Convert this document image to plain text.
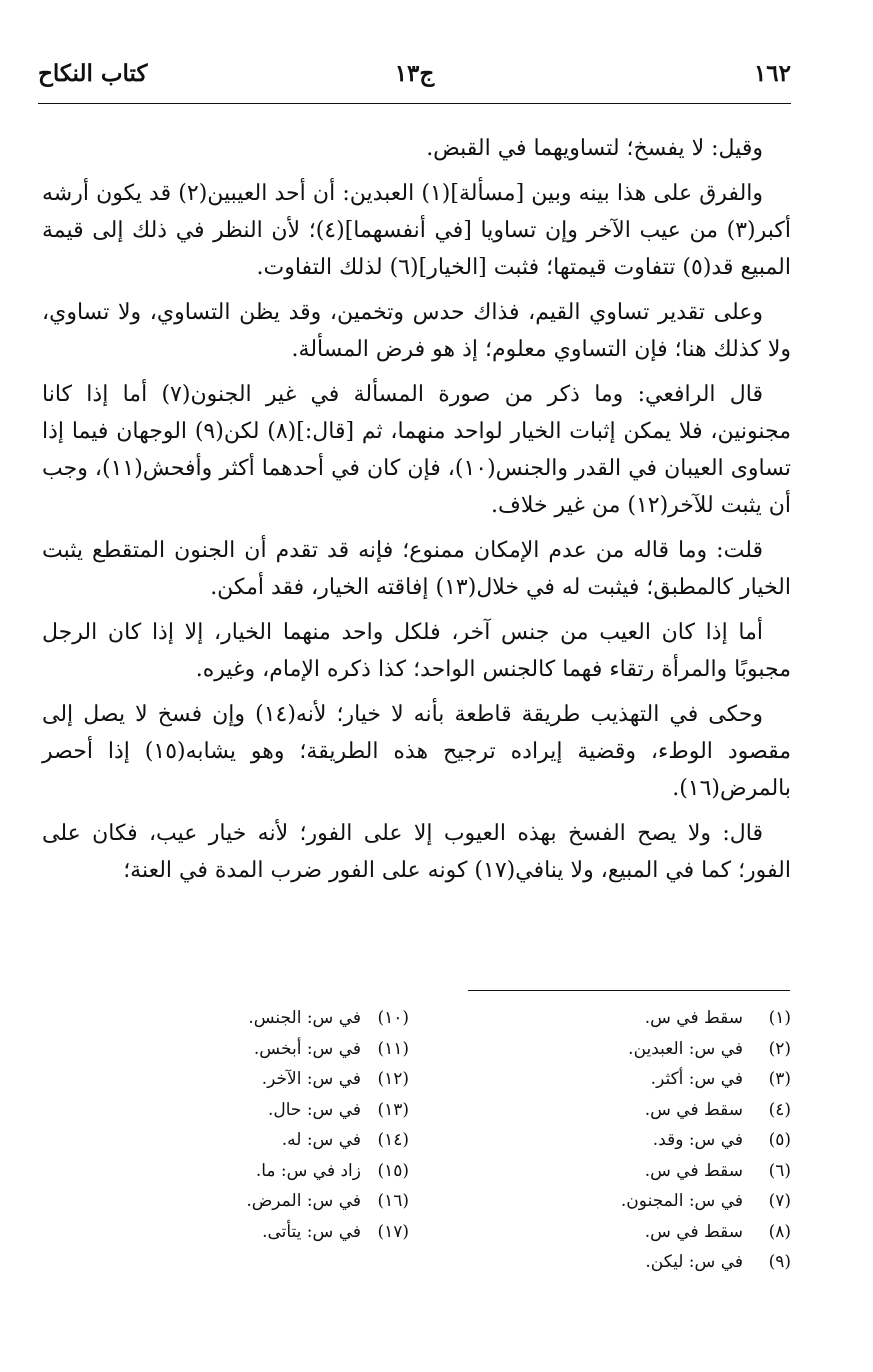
١٦٢
ج١٣
كتاب النكاح

وقيل: لا يفسخ؛ لتساويهما في القبض.

والفرق على هذا بينه وبين [مسألة](١) العبدين: أن أحد العيبين(٢) قد يكون أرشه أكبر(٣) من عيب الآخر وإن تساويا [في أنفسهما](٤)؛ لأن النظر في ذلك إلى قيمة المبيع قد(٥) تتفاوت قيمتها؛ فثبت [الخيار](٦) لذلك التفاوت.

وعلى تقدير تساوي القيم، فذاك حدس وتخمين، وقد يظن التساوي، ولا تساوي، ولا كذلك هنا؛ فإن التساوي معلوم؛ إذ هو فرض المسألة.

قال الرافعي: وما ذكر من صورة المسألة في غير الجنون(٧) أما إذا كانا مجنونين، فلا يمكن إثبات الخيار لواحد منهما، ثم [قال:](٨) لكن(٩) الوجهان فيما إذا تساوى العيبان في القدر والجنس(١٠)، فإن كان في أحدهما أكثر وأفحش(١١)، وجب أن يثبت للآخر(١٢) من غير خلاف.

قلت: وما قاله من عدم الإمكان ممنوع؛ فإنه قد تقدم أن الجنون المتقطع يثبت الخيار كالمطبق؛ فيثبت له في خلال(١٣) إفاقته الخيار، فقد أمكن.

أما إذا كان العيب من جنس آخر، فلكل واحد منهما الخيار، إلا إذا كان الرجل مجبوبًا والمرأة رتقاء فهما كالجنس الواحد؛ كذا ذكره الإمام، وغيره.

وحكى في التهذيب طريقة قاطعة بأنه لا خيار؛ لأنه(١٤) وإن فسخ لا يصل إلى مقصود الوطء، وقضية إيراده ترجيح هذه الطريقة؛ وهو يشابه(١٥) إذا أحصر بالمرض(١٦).

قال: ولا يصح الفسخ بهذه العيوب إلا على الفور؛ لأنه خيار عيب، فكان على الفور؛ كما في المبيع، ولا ينافي(١٧) كونه على الفور ضرب المدة في العنة؛

(١)سقط في س.
(٢)في س: العبدين.
(٣)في س: أكثر.
(٤)سقط في س.
(٥)في س: وقد.
(٦)سقط في س.
(٧)في س: المجنون.
(٨)سقط في س.
(٩)في س: ليكن.
(١٠)في س: الجنس.
(١١)في س: أبخس.
(١٢)في س: الآخر.
(١٣)في س: حال.
(١٤)في س: له.
(١٥)زاد في س: ما.
(١٦)في س: المرض.
(١٧)في س: يتأتى.
